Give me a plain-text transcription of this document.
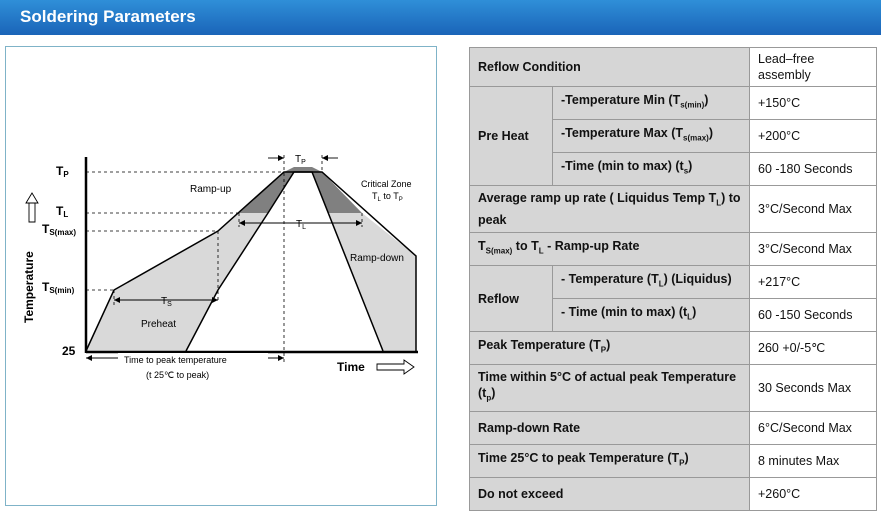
Soldering Parameters
$T_P$
$T_L$
$T_S$
TP
TL
TS(max)
TS(min)
25
Temperature
Ramp-up
Ramp-down
Preheat
Critical Zone
$T_L$ to $T_P$
Time to peak temperature
(t 25℃ to peak)
Time
Reflow Condition		Lead–free assembly
Pre Heat	-Temperature Min $(T_{s(min)})$	+150°C
	-Temperature Max $(T_{s(max)})$	+200°C
	-Time (min to max) $(t_s)$	60 -180 Seconds
Average ramp up rate ( Liquidus Temp $T_L$) to peak		3°C/Second Max
$T_{S(max)}$ to $T_L$ - Ramp-up Rate		3°C/Second Max
Reflow	- Temperature $(T_L)$ (Liquidus)	+217°C
	- Time (min to max) $(t_L)$	60 -150 Seconds
Peak Temperature $(T_P)$		260 +0/-5℃
Time within 5°C of actual peak Temperature $(t_p)$		30 Seconds Max
Ramp-down Rate		6°C/Second Max
Time 25°C to peak Temperature $(T_P)$		8 minutes Max
Do not exceed		+260°C
